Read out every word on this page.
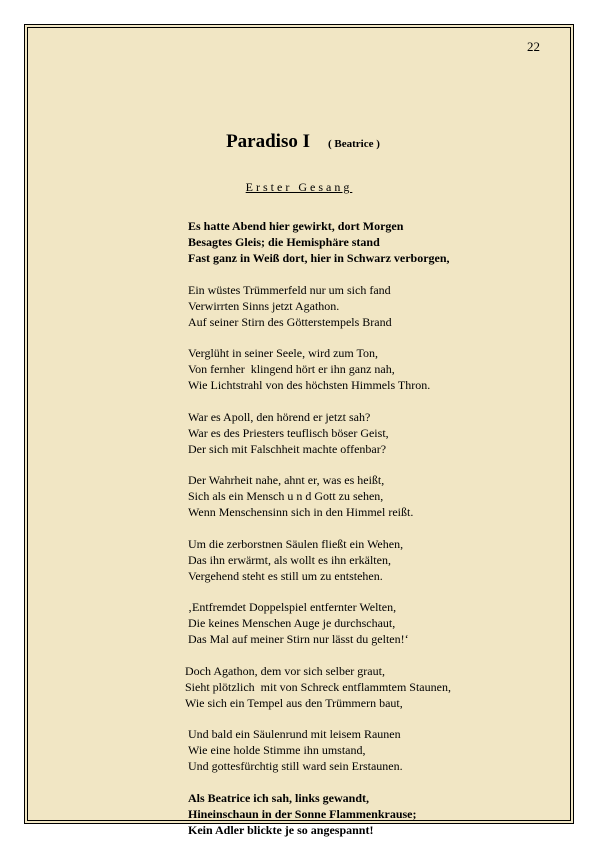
22
Paradiso I ( Beatrice )
Erster Gesang
Es hatte Abend hier gewirkt, dort Morgen
Besagtes Gleis; die Hemisphäre stand
Fast ganz in Weiß dort, hier in Schwarz verborgen,
Ein wüstes Trümmerfeld nur um sich fand
Verwirrten Sinns jetzt Agathon.
Auf seiner Stirn des Götterstempels Brand
Verglüht in seiner Seele, wird zum Ton,
Von fernher  klingend hört er ihn ganz nah,
Wie Lichtstrahl von des höchsten Himmels Thron.
War es Apoll, den hörend er jetzt sah?
War es des Priesters teuflisch böser Geist,
Der sich mit Falschheit machte offenbar?
Der Wahrheit nahe, ahnt er, was es heißt,
Sich als ein Mensch u n d Gott zu sehen,
Wenn Menschensinn sich in den Himmel reißt.
Um die zerborstnen Säulen fließt ein Wehen,
Das ihn erwärmt, als wollt es ihn erkälten,
Vergehend steht es still um zu entstehen.
‚Entfremdet Doppelspiel entfernter Welten,
Die keines Menschen Auge je durchschaut,
Das Mal auf meiner Stirn nur lässt du gelten!‘
Doch Agathon, dem vor sich selber graut,
Sieht plötzlich  mit von Schreck entflammtem Staunen,
Wie sich ein Tempel aus den Trümmern baut,
Und bald ein Säulenrund mit leisem Raunen
Wie eine holde Stimme ihn umstand,
Und gottesfürchtig still ward sein Erstaunen.
Als Beatrice ich sah, links gewandt,
Hineinschaun in der Sonne Flammenkrause;
Kein Adler blickte je so angespannt!
